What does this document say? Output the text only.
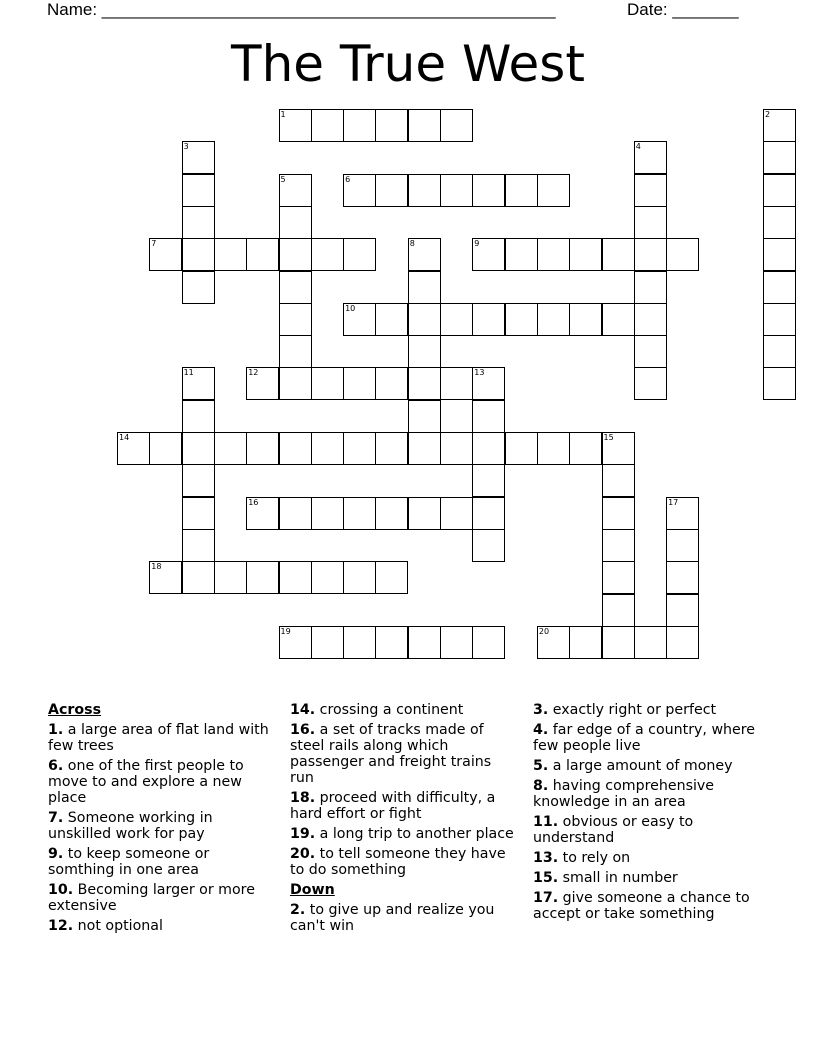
Name: ________________________________________________	Date: _______
The True West
1	2
3	4
5	6
7	8	9
10
11	12	13
14	15
16	17
18
19	20
Across
1. a large area of flat land with few trees
6. one of the first people to move to and explore a new place
7. Someone working in unskilled work for pay
9. to keep someone or somthing in one area
10. Becoming larger or more extensive
12. not optional
14. crossing a continent
16. a set of tracks made of steel rails along which passenger and freight trains run
18. proceed with difficulty, a hard effort or fight
19. a long trip to another place
20. to tell someone they have to do something
Down
2. to give up and realize you can't win
3. exactly right or perfect
4. far edge of a country, where few people live
5. a large amount of money
8. having comprehensive knowledge in an area
11. obvious or easy to understand
13. to rely on
15. small in number
17. give someone a chance to accept or take something
